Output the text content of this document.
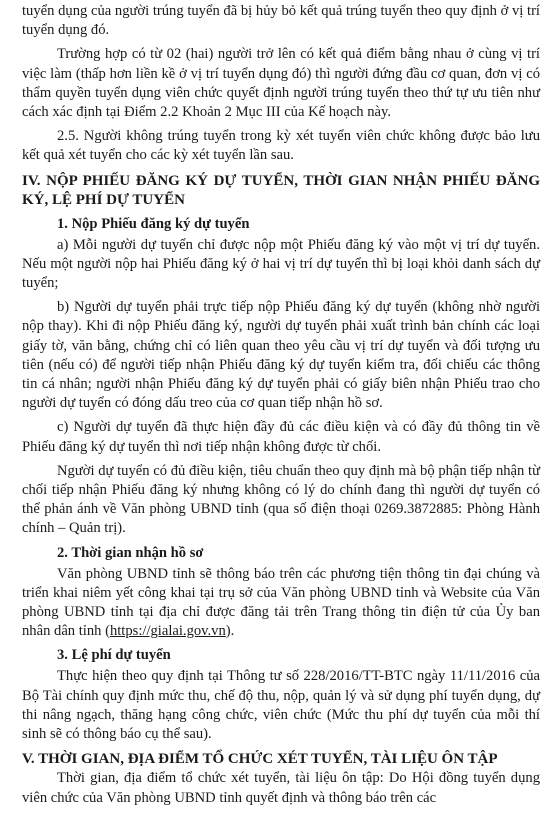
tuyển dụng của người trúng tuyển đã bị hủy bỏ kết quả trúng tuyển theo quy định ở vị trí tuyển dụng đó.

Trường hợp có từ 02 (hai) người trở lên có kết quả điểm bằng nhau ở cùng vị trí việc làm (thấp hơn liền kề ở vị trí tuyển dụng đó) thì người đứng đầu cơ quan, đơn vị có thẩm quyền tuyển dụng viên chức quyết định người trúng tuyển theo thứ tự ưu tiên như cách xác định tại Điểm 2.2 Khoản 2 Mục III của Kế hoạch này.

2.5. Người không trúng tuyển trong kỳ xét tuyển viên chức không được bảo lưu kết quả xét tuyển cho các kỳ xét tuyển lần sau.

IV. NỘP PHIẾU ĐĂNG KÝ DỰ TUYỂN, THỜI GIAN NHẬN PHIẾU ĐĂNG KÝ, LỆ PHÍ DỰ TUYỂN
1. Nộp Phiếu đăng ký dự tuyển

a) Mỗi người dự tuyển chỉ được nộp một Phiếu đăng ký vào một vị trí dự tuyển. Nếu một người nộp hai Phiếu đăng ký ở hai vị trí dự tuyển thì bị loại khỏi danh sách dự tuyển;

b) Người dự tuyển phải trực tiếp nộp Phiếu đăng ký dự tuyển (không nhờ người nộp thay). Khi đi nộp Phiếu đăng ký, người dự tuyển phải xuất trình bản chính các loại giấy tờ, văn bằng, chứng chỉ có liên quan theo yêu cầu vị trí dự tuyển và đối tượng ưu tiên (nếu có) để người tiếp nhận Phiếu đăng ký dự tuyển kiểm tra, đối chiếu các thông tin cá nhân; người nhận Phiếu đăng ký dự tuyển phải có giấy biên nhận Phiếu trao cho người dự tuyển có đóng dấu treo của cơ quan tiếp nhận hồ sơ.

c) Người dự tuyển đã thực hiện đầy đủ các điều kiện và có đầy đủ thông tin về Phiếu đăng ký dự tuyển thì nơi tiếp nhận không được từ chối.

Người dự tuyển có đủ điều kiện, tiêu chuẩn theo quy định mà bộ phận tiếp nhận từ chối tiếp nhận Phiếu đăng ký nhưng không có lý do chính đang thì người dự tuyển có thể phản ánh về Văn phòng UBND tỉnh (qua số điện thoại 0269.3872885: Phòng Hành chính – Quản trị).

2. Thời gian nhận hồ sơ

Văn phòng UBND tỉnh sẽ thông báo trên các phương tiện thông tin đại chúng và triển khai niêm yết công khai tại trụ sở của Văn phòng UBND tỉnh và Website của Văn phòng UBND tỉnh tại địa chỉ được đăng tải trên Trang thông tin điện tử của Ủy ban nhân dân tỉnh (https://gialai.gov.vn).

3. Lệ phí dự tuyển

Thực hiện theo quy định tại Thông tư số 228/2016/TT-BTC ngày 11/11/2016 của Bộ Tài chính quy định mức thu, chế độ thu, nộp, quản lý và sử dụng phí tuyển dụng, dự thi nâng ngạch, thăng hạng công chức, viên chức (Mức thu phí dự tuyển của mỗi thí sinh sẽ có thông báo cụ thể sau).

V. THỜI GIAN, ĐỊA ĐIỂM TỔ CHỨC XÉT TUYỂN, TÀI LIỆU ÔN TẬP

Thời gian, địa điểm tổ chức xét tuyển, tài liệu ôn tập: Do Hội đồng tuyển dụng viên chức của Văn phòng UBND tỉnh quyết định và thông báo trên các
